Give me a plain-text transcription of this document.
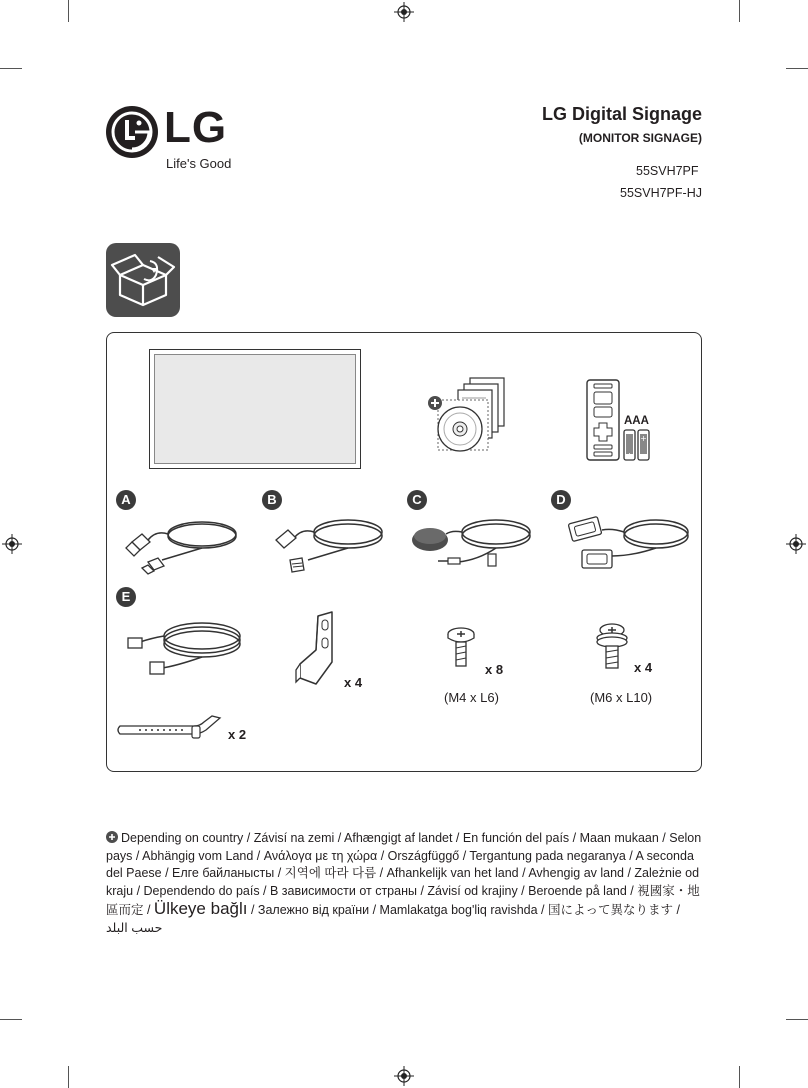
LG
Life's Good
LG Digital Signage
(MONITOR SIGNAGE)
55SVH7PF
55SVH7PF-HJ
AAA
+
+
A	B	C	D
E
x 4
x 8
(M4 x L6)
x 4
(M6 x L10)
x 2
Depending on country / Závisí na zemi / Afhængigt af landet / En función del país / Maan mukaan / Selon pays / Abhängig vom Land / Ανάλογα με τη χώρα / Országfüggő / Tergantung pada negaranya / A seconda del Paese / Елге байланысты / 지역에 따라 다름 / Afhankelijk van het land / Avhengig av land / Zależnie od kraju / Dependendo do país / В зависимости от страны / Závisí od krajiny / Beroende på land / 視國家・地區而定 / Ülkeye bağlı / Залежно від країни / Mamlakatga bog'liq ravishda / 国によって異なります / حسب البلد
